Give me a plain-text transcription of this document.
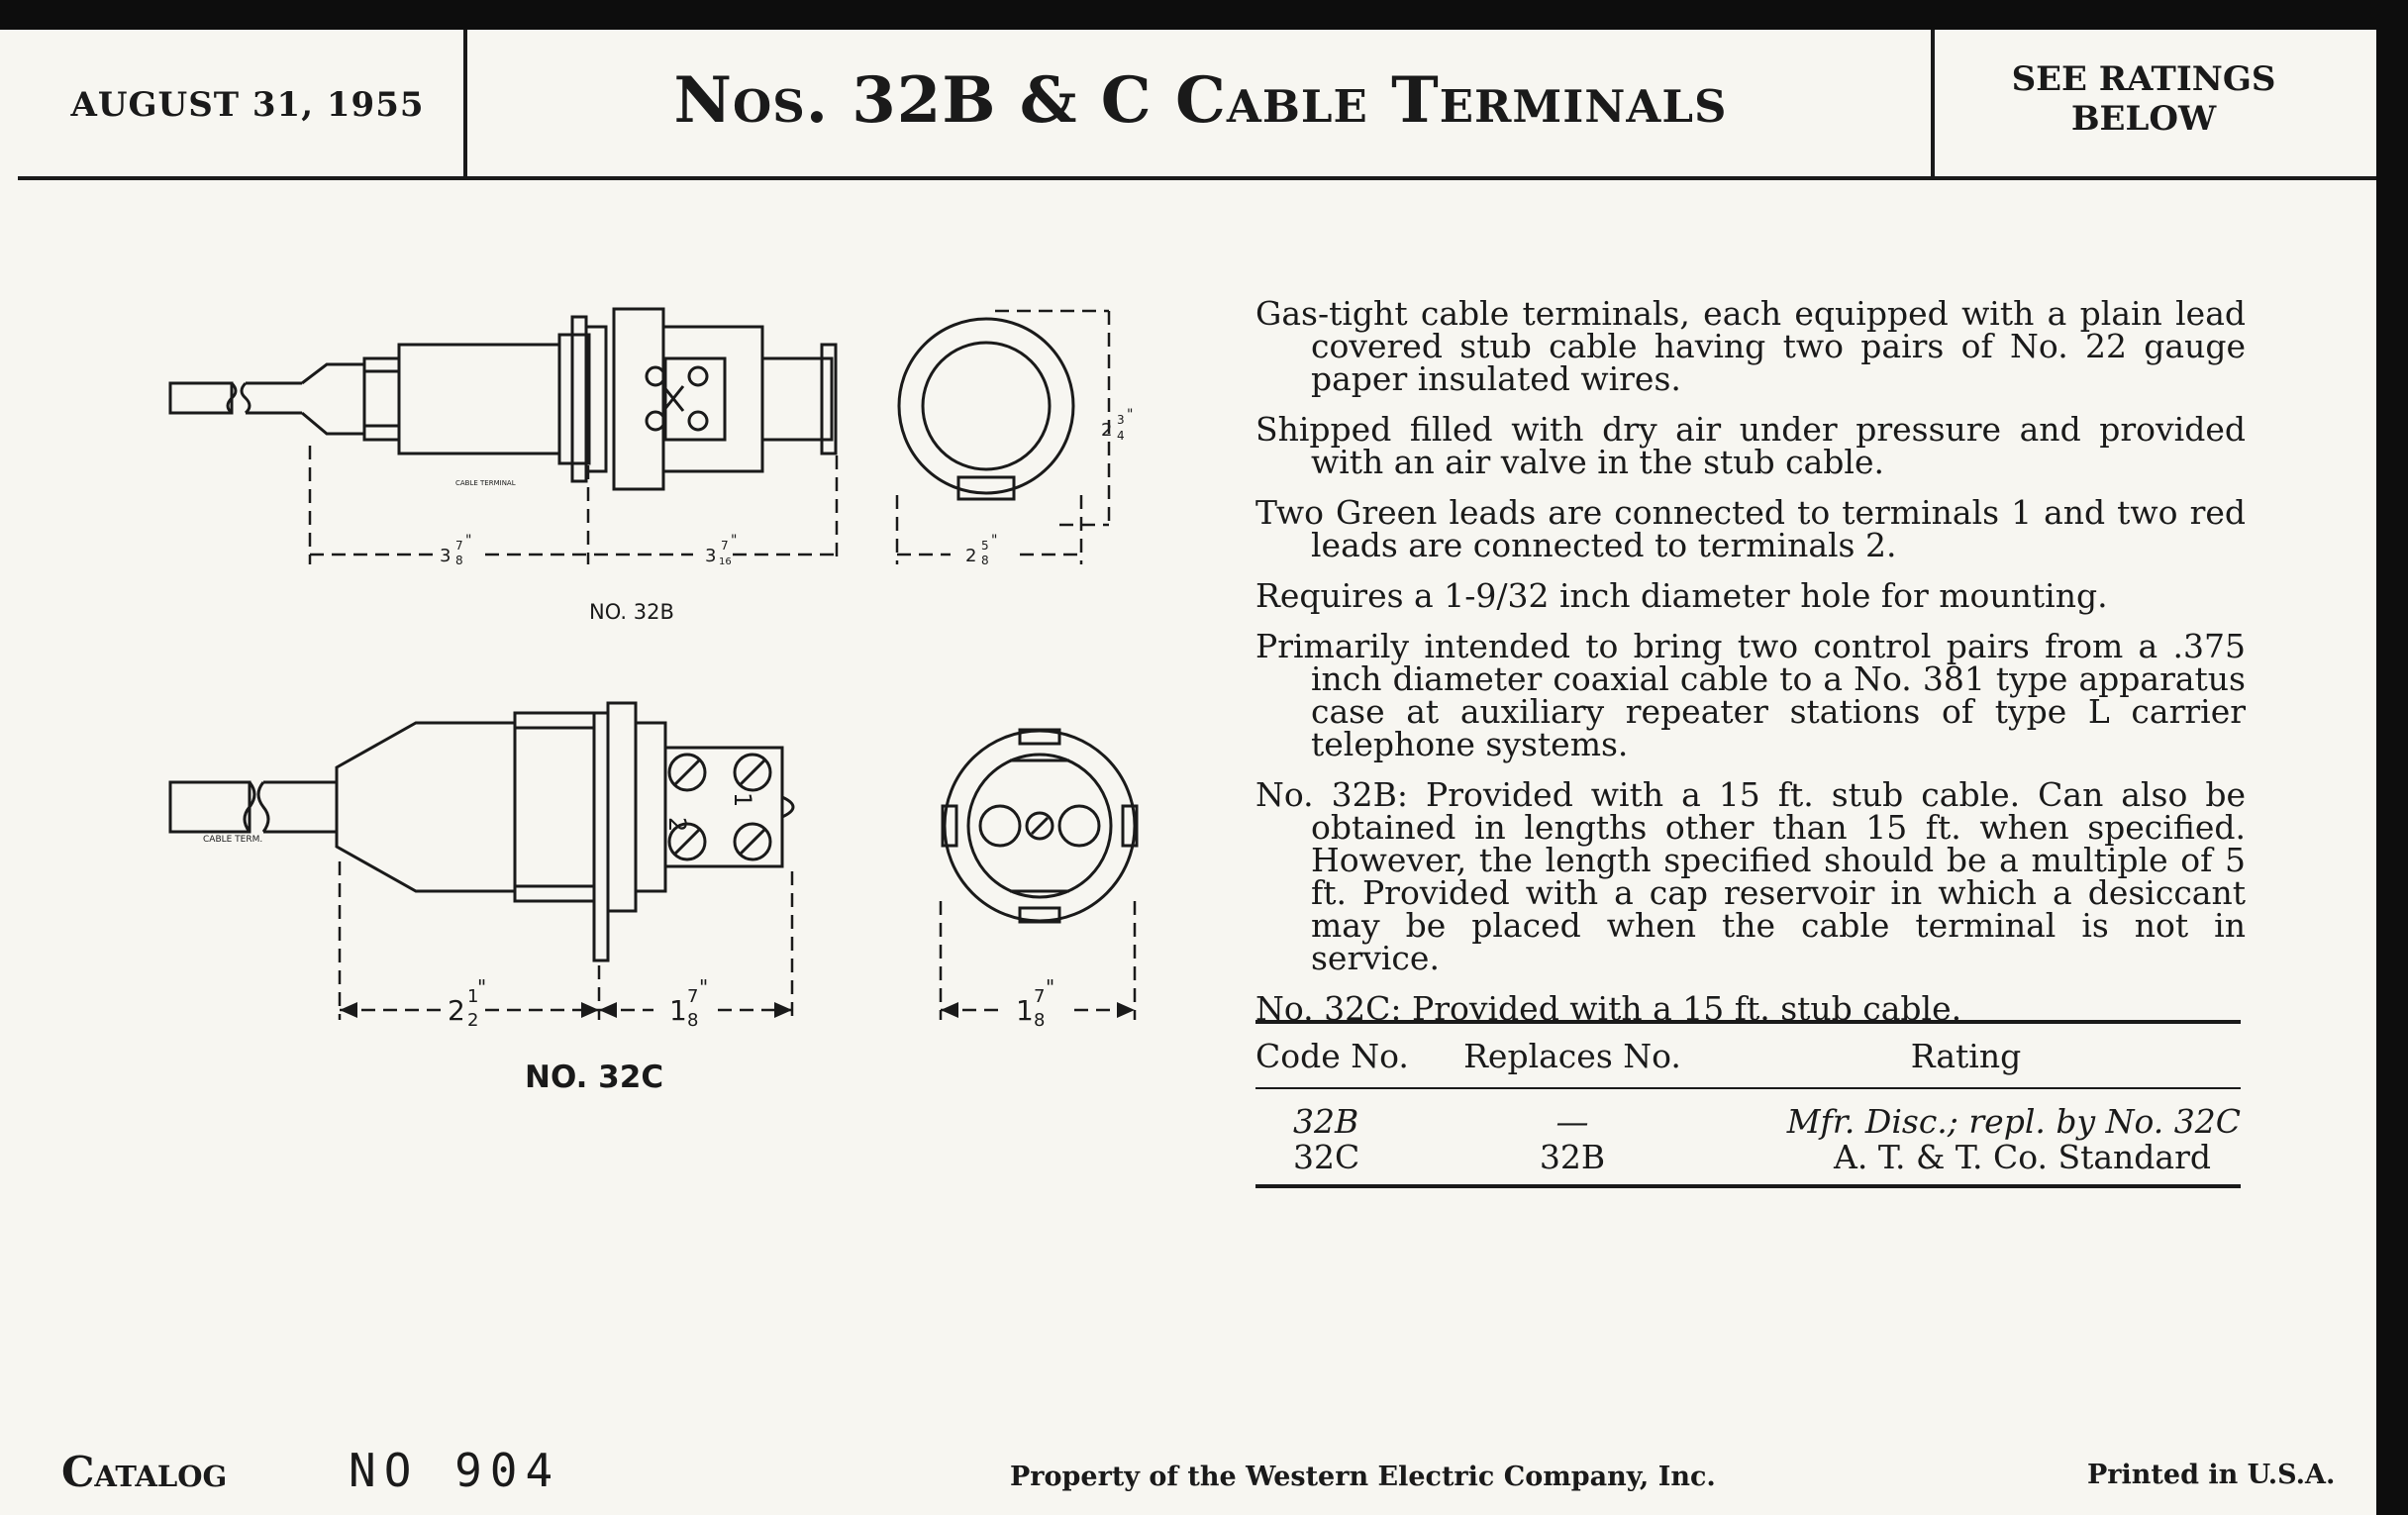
AUGUST 31, 1955	Nos. 32B & C Cable Terminals	SEE RATINGS
BELOW
3 7
8
"
3 7
16
"
2 5
8
"
2 3
4
"
CABLE TERMINAL
NO. 32B
2 1
2
"
1 7
8
"
1 7
8
"
2
1
CABLE TERM.
NO. 32C

Gas-tight cable terminals, each equipped with a plain lead covered stub cable having two pairs of No. 22 gauge paper insulated wires.

Shipped filled with dry air under pressure and provided with an air valve in the stub cable.

Two Green leads are connected to terminals 1 and two red leads are connected to terminals 2.

Requires a 1-9/32 inch diameter hole for mounting.

Primarily intended to bring two control pairs from a .375 inch diameter coaxial cable to a No. 381 type apparatus case at auxiliary repeater stations of type L carrier telephone systems.

No. 32B: Provided with a 15 ft. stub cable. Can also be obtained in lengths other than 15 ft. when specified. However, the length specified should be a multiple of 5 ft. Provided with a cap reservoir in which a desiccant may be placed when the cable terminal is not in service.

No. 32C: Provided with a 15 ft. stub cable.

Code No.	Replaces No.	Rating
32B	—	Mfr. Disc.; repl. by No. 32C
32C	32B	A. T. & T. Co. Standard
Catalog	NO 904	Property of the Western Electric Company, Inc.	Printed in U.S.A.
